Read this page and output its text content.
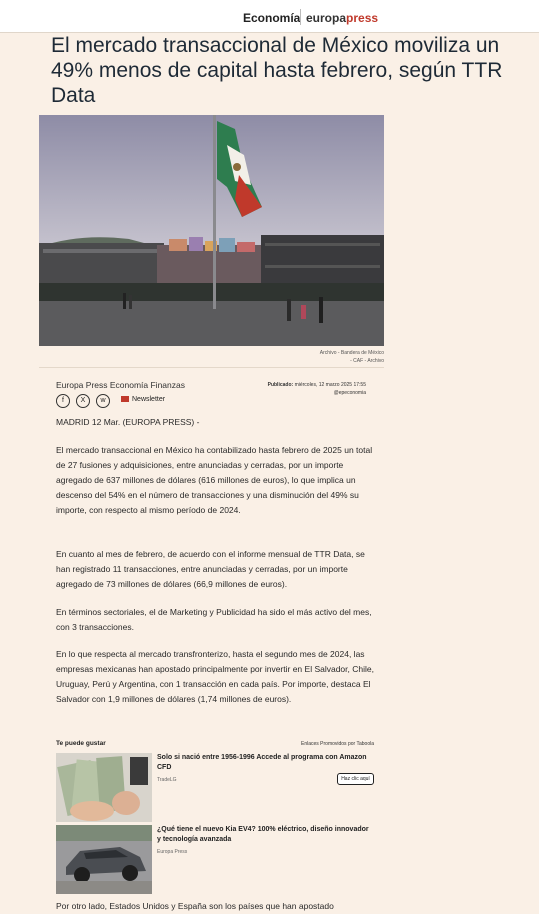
Economía europapress
El mercado transaccional de México moviliza un 49% menos de capital hasta febrero, según TTR Data
Archivo - Bandera de México
- CAF - Archivo
Europa Press Economía Finanzas	Publicado: miércoles, 12 marzo 2025 17:55
@epeconomia
f	X	w	Newsletter
MADRID 12 Mar. (EUROPA PRESS) -
El mercado transaccional en México ha contabilizado hasta febrero de 2025 un total de 27 fusiones y adquisiciones, entre anunciadas y cerradas, por un importe agregado de 637 millones de dólares (616 millones de euros), lo que implica un descenso del 54% en el número de transacciones y una disminución del 49% su importe, con respecto al mismo período de 2024.
En cuanto al mes de febrero, de acuerdo con el informe mensual de TTR Data, se han registrado 11 transacciones, entre anunciadas y cerradas, por un importe agregado de 73 millones de dólares (66,9 millones de euros).
En términos sectoriales, el de Marketing y Publicidad ha sido el más activo del mes, con 3 transacciones.
En lo que respecta al mercado transfronterizo, hasta el segundo mes de 2024, las empresas mexicanas han apostado principalmente por invertir en El Salvador, Chile, Uruguay, Perú y Argentina, con 1 transacción en cada país. Por importe, destaca El Salvador con 1,9 millones de dólares (1,74 millones de euros).
Te puede gustar	Enlaces Promovidos por Taboola
Solo si nació entre 1956-1996 Accede al programa con Amazon CFD
TradeLG	Haz clic aquí
¿Qué tiene el nuevo Kia EV4? 100% eléctrico, diseño innovador y tecnología avanzada
Europa Press
Por otro lado, Estados Unidos y España son los países que han apostado
